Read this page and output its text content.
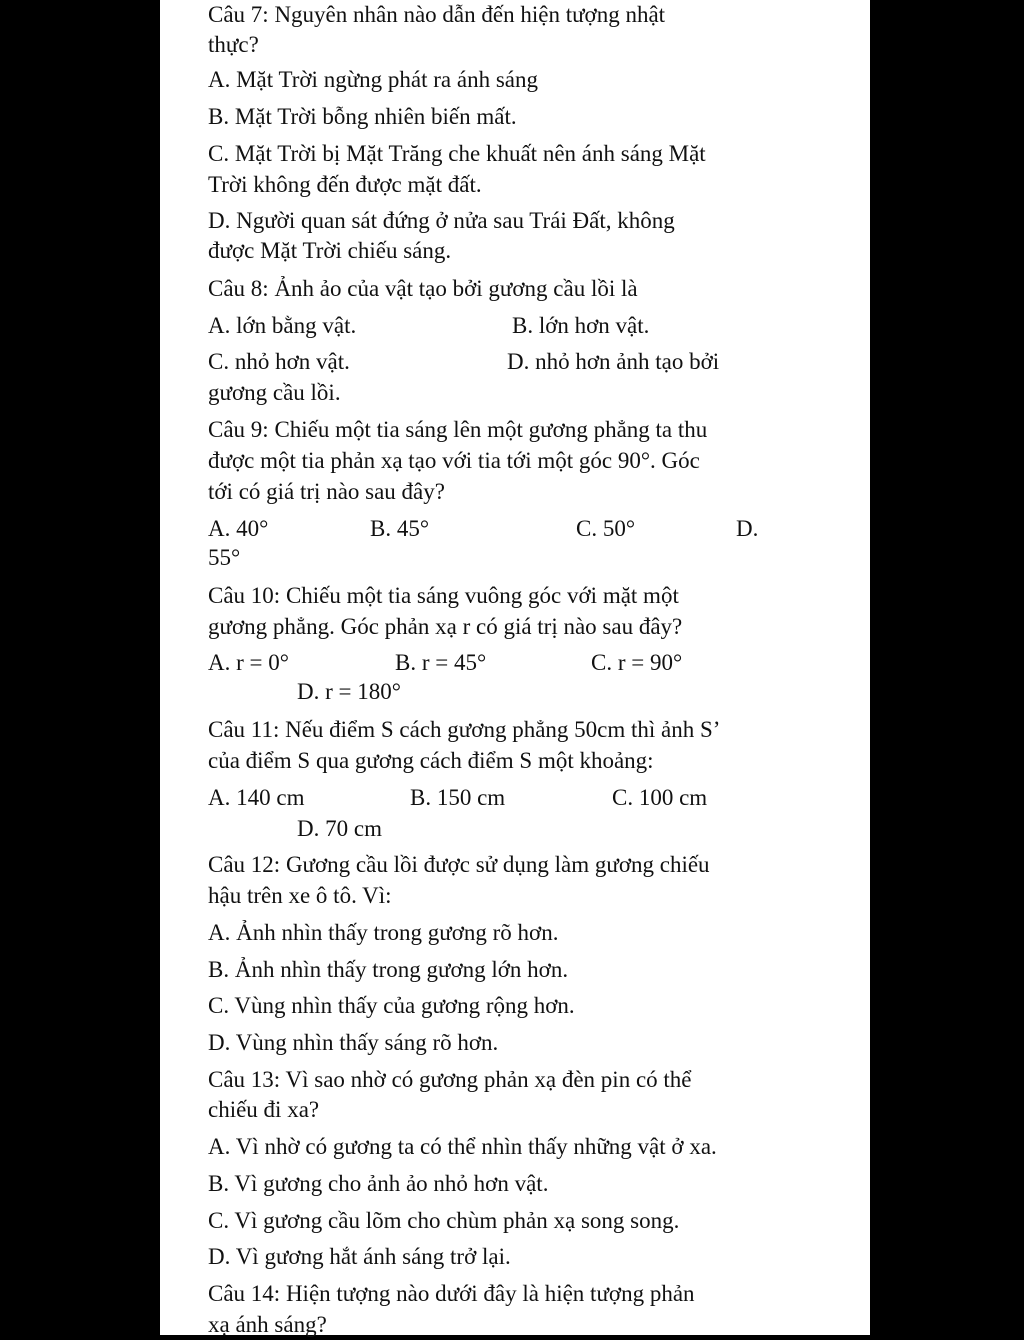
Câu 7: Nguyên nhân nào dẫn đến hiện tượng nhật
thực?
A. Mặt Trời ngừng phát ra ánh sáng
B. Mặt Trời bỗng nhiên biến mất.
C. Mặt Trời bị Mặt Trăng che khuất nên ánh sáng Mặt
Trời không đến được mặt đất.
D. Người quan sát đứng ở nửa sau Trái Đất, không
được Mặt Trời chiếu sáng.
Câu 8: Ảnh ảo của vật tạo bởi gương cầu lồi là
A. lớn bằng vật.	B. lớn hơn vật.
C. nhỏ hơn vật.	D. nhỏ hơn ảnh tạo bởi
gương cầu lồi.
Câu 9: Chiếu một tia sáng lên một gương phẳng ta thu
được một tia phản xạ tạo với tia tới một góc 90°. Góc
tới có giá trị nào sau đây?
A. 40°	B. 45°	C. 50°	D.
55°
Câu 10: Chiếu một tia sáng vuông góc với mặt một
gương phẳng. Góc phản xạ r có giá trị nào sau đây?
A. r = 0°	B. r = 45°	C. r = 90°
D. r = 180°
Câu 11: Nếu điểm S cách gương phẳng 50cm thì ảnh S’
của điểm S qua gương cách điểm S một khoảng:
A. 140 cm	B. 150 cm	C. 100 cm
D. 70 cm
Câu 12: Gương cầu lồi được sử dụng làm gương chiếu
hậu trên xe ô tô. Vì:
A. Ảnh nhìn thấy trong gương rõ hơn.
B. Ảnh nhìn thấy trong gương lớn hơn.
C. Vùng nhìn thấy của gương rộng hơn.
D. Vùng nhìn thấy sáng rõ hơn.
Câu 13: Vì sao nhờ có gương phản xạ đèn pin có thể
chiếu đi xa?
A. Vì nhờ có gương ta có thể nhìn thấy những vật ở xa.
B. Vì gương cho ảnh ảo nhỏ hơn vật.
C. Vì gương cầu lõm cho chùm phản xạ song song.
D. Vì gương hắt ánh sáng trở lại.
Câu 14: Hiện tượng nào dưới đây là hiện tượng phản
xạ ánh sáng?
